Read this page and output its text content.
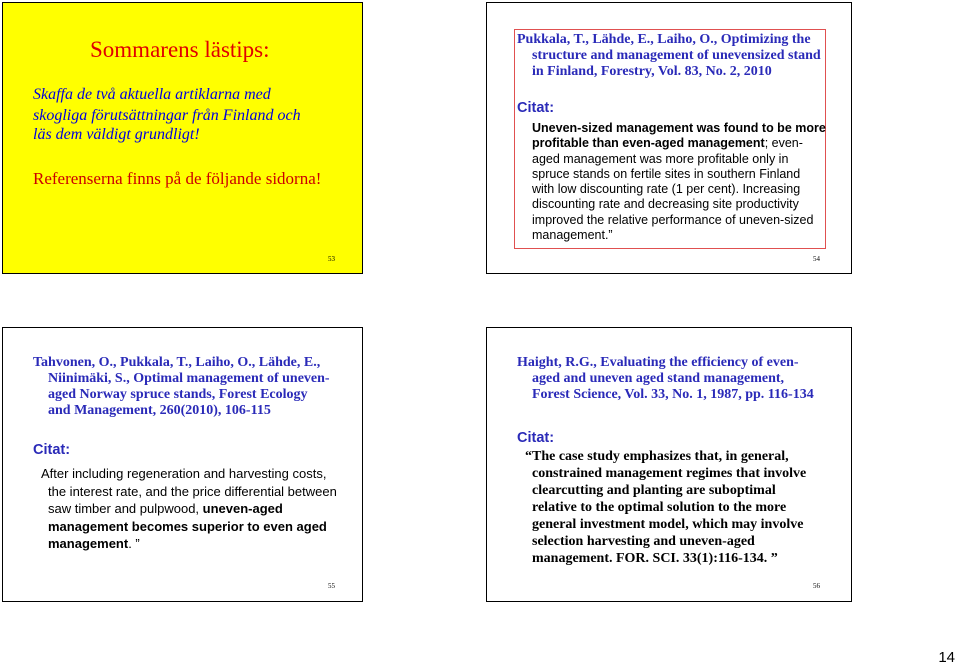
Sommarens lästips:
Skaffa de två aktuella artiklarna med
skogliga förutsättningar från Finland och
läs dem väldigt grundligt!
Referenserna finns på de följande sidorna!
53
Pukkala, T., Lähde, E., Laiho, O., Optimizing the
structure and management of unevensized stand
in Finland, Forestry, Vol. 83, No. 2, 2010
Citat:
Uneven-sized management was found to be more
profitable than even-aged management; even-
aged management was more profitable only in
spruce stands on fertile sites in southern Finland
with low discounting rate (1 per cent). Increasing
discounting rate and decreasing site productivity
improved the relative performance of uneven-sized
management.”
54
Tahvonen, O., Pukkala, T., Laiho, O., Lähde, E.,
Niinimäki, S., Optimal management of uneven-
aged Norway spruce stands, Forest Ecology
and Management, 260(2010), 106-115
Citat:
After including regeneration and harvesting costs,
the interest rate, and the price differential between
saw timber and pulpwood, uneven-aged
management becomes superior to even aged
management. ”
55
Haight, R.G., Evaluating the efficiency of even-
aged and uneven aged stand management,
Forest Science, Vol. 33, No. 1, 1987, pp. 116-134
Citat:
“The case study emphasizes that, in general,
constrained management regimes that involve
clearcutting and planting are suboptimal
relative to the optimal solution to the more
general investment model, which may involve
selection harvesting and uneven-aged
management. FOR. SCI. 33(1):116-134. ”
56
14
